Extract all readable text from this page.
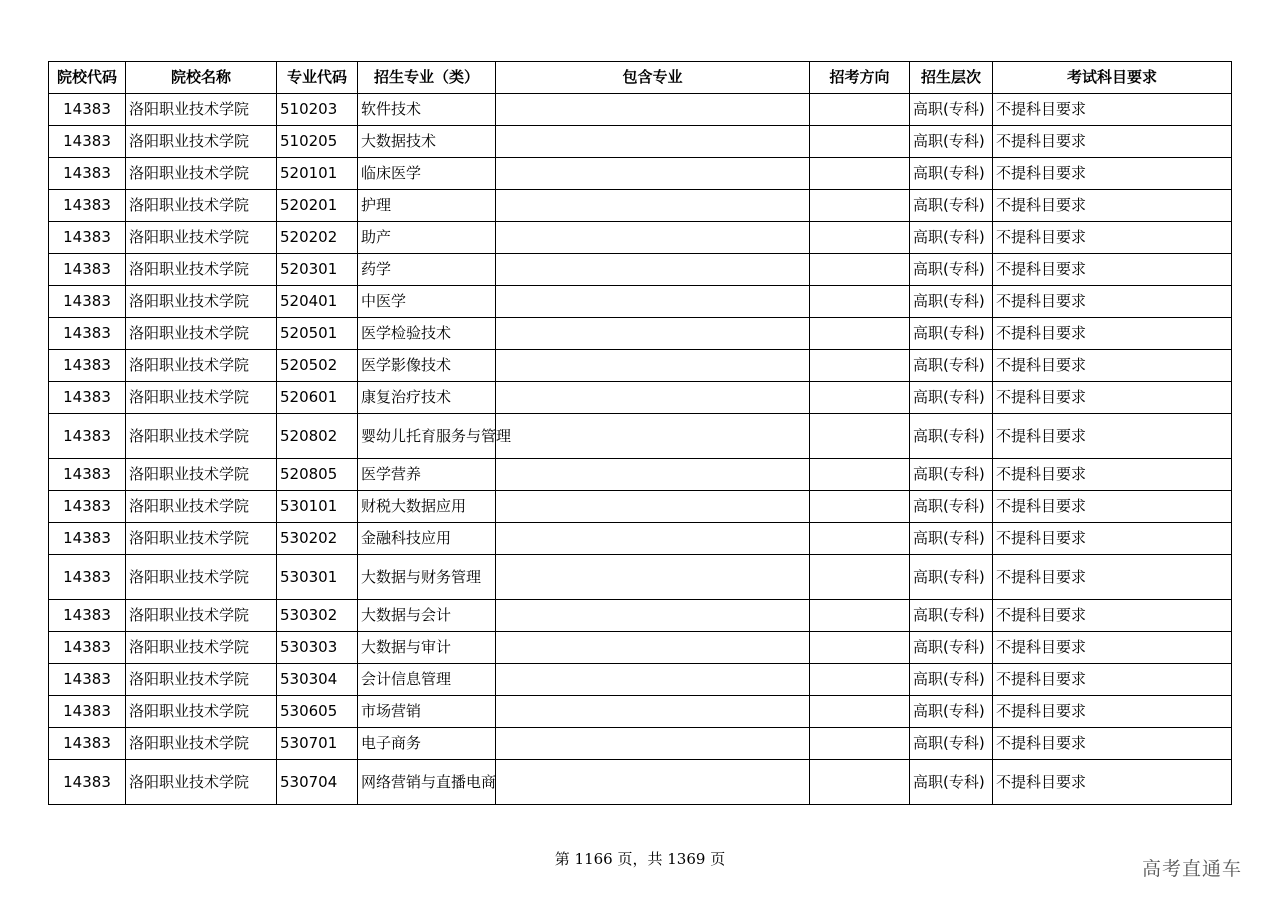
院校代码	院校名称	专业代码	招生专业（类）	包含专业	招考方向	招生层次	考试科目要求
14383	洛阳职业技术学院	510203	软件技术			高职(专科)	不提科目要求
14383	洛阳职业技术学院	510205	大数据技术			高职(专科)	不提科目要求
14383	洛阳职业技术学院	520101	临床医学			高职(专科)	不提科目要求
14383	洛阳职业技术学院	520201	护理			高职(专科)	不提科目要求
14383	洛阳职业技术学院	520202	助产			高职(专科)	不提科目要求
14383	洛阳职业技术学院	520301	药学			高职(专科)	不提科目要求
14383	洛阳职业技术学院	520401	中医学			高职(专科)	不提科目要求
14383	洛阳职业技术学院	520501	医学检验技术			高职(专科)	不提科目要求
14383	洛阳职业技术学院	520502	医学影像技术			高职(专科)	不提科目要求
14383	洛阳职业技术学院	520601	康复治疗技术			高职(专科)	不提科目要求
14383	洛阳职业技术学院	520802	婴幼儿托育服务与管理			高职(专科)	不提科目要求
14383	洛阳职业技术学院	520805	医学营养			高职(专科)	不提科目要求
14383	洛阳职业技术学院	530101	财税大数据应用			高职(专科)	不提科目要求
14383	洛阳职业技术学院	530202	金融科技应用			高职(专科)	不提科目要求
14383	洛阳职业技术学院	530301	大数据与财务管理			高职(专科)	不提科目要求
14383	洛阳职业技术学院	530302	大数据与会计			高职(专科)	不提科目要求
14383	洛阳职业技术学院	530303	大数据与审计			高职(专科)	不提科目要求
14383	洛阳职业技术学院	530304	会计信息管理			高职(专科)	不提科目要求
14383	洛阳职业技术学院	530605	市场营销			高职(专科)	不提科目要求
14383	洛阳职业技术学院	530701	电子商务			高职(专科)	不提科目要求
14383	洛阳职业技术学院	530704	网络营销与直播电商			高职(专科)	不提科目要求
第 1166 页，共 1369 页	高考直通车
